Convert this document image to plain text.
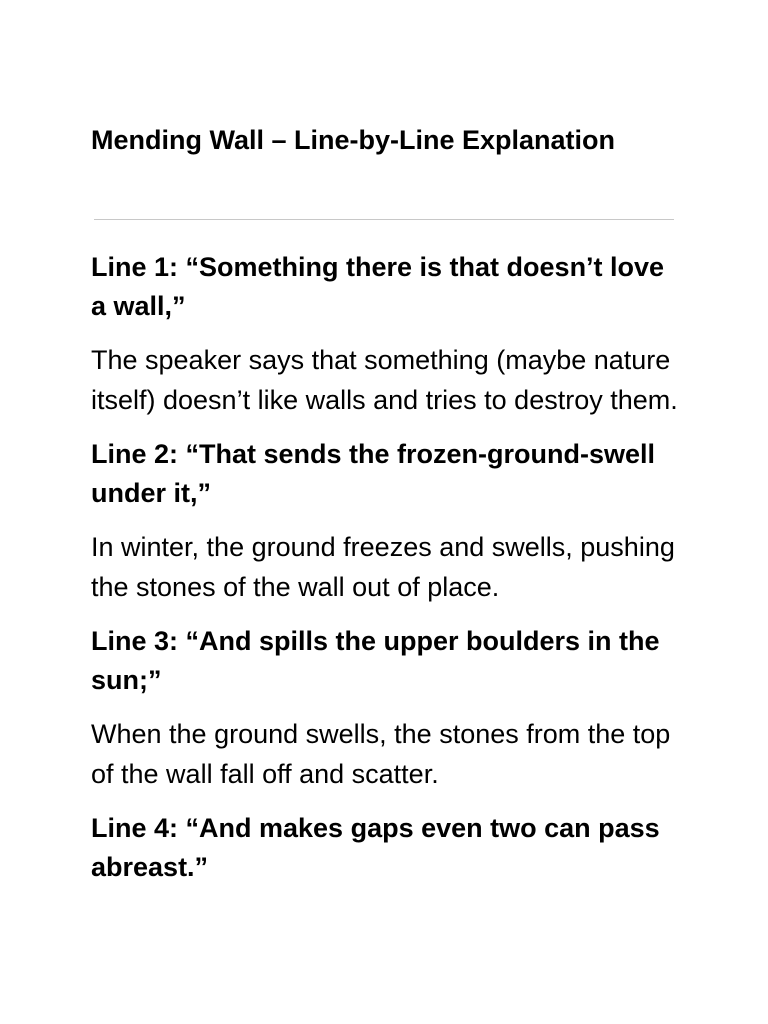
Mending Wall – Line-by-Line Explanation
Line 1: “Something there is that doesn’t love a wall,”

The speaker says that something (maybe nature itself) doesn’t like walls and tries to destroy them.

Line 2: “That sends the frozen-ground-swell under it,”

In winter, the ground freezes and swells, pushing the stones of the wall out of place.

Line 3: “And spills the upper boulders in the sun;”

When the ground swells, the stones from the top of the wall fall off and scatter.

Line 4: “And makes gaps even two can pass abreast.”
